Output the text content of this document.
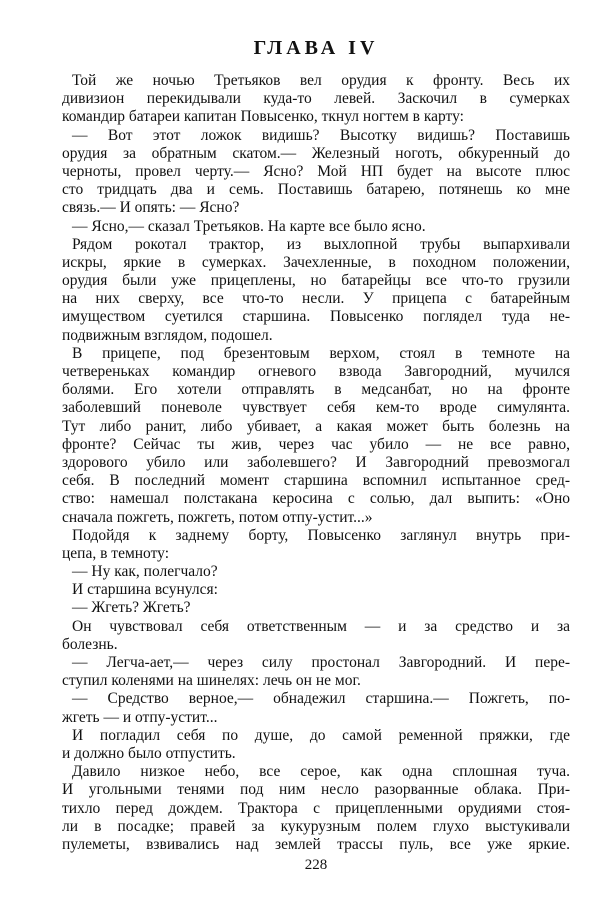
ГЛАВА IV
Той же ночью Третьяков вел орудия к фронту. Весь их
дивизион перекидывали куда-то левей. Заскочил в сумерках
командир батареи капитан Повысенко, ткнул ногтем в карту:
— Вот этот ложок видишь? Высотку видишь? Поставишь
орудия за обратным скатом.— Железный ноготь, обкуренный до
черноты, провел черту.— Ясно? Мой НП будет на высоте плюс
сто тридцать два и семь. Поставишь батарею, потянешь ко мне
связь.— И опять: — Ясно?
— Ясно,— сказал Третьяков. На карте все было ясно.
Рядом рокотал трактор, из выхлопной трубы выпархивали
искры, яркие в сумерках. Зачехленные, в походном положении,
орудия были уже прицеплены, но батарейцы все что-то грузили
на них сверху, все что-то несли. У прицепа с батарейным
имуществом суетился старшина. Повысенко поглядел туда не-
подвижным взглядом, подошел.
В прицепе, под брезентовым верхом, стоял в темноте на
четвереньках командир огневого взвода Завгородний, мучился
болями. Его хотели отправлять в медсанбат, но на фронте
заболевший поневоле чувствует себя кем-то вроде симулянта.
Тут либо ранит, либо убивает, а какая может быть болезнь на
фронте? Сейчас ты жив, через час убило — не все равно,
здорового убило или заболевшего? И Завгородний превозмогал
себя. В последний момент старшина вспомнил испытанное сред-
ство: намешал полстакана керосина с солью, дал выпить: «Оно
сначала пожгеть, пожгеть, потом отпу-устит...»
Подойдя к заднему борту, Повысенко заглянул внутрь при-
цепа, в темноту:
— Ну как, полегчало?
И старшина всунулся:
— Жгеть? Жгеть?
Он чувствовал себя ответственным — и за средство и за
болезнь.
— Легча-ает,— через силу простонал Завгородний. И пере-
ступил коленями на шинелях: лечь он не мог.
— Средство верное,— обнадежил старшина.— Пожгеть, по-
жгеть — и отпу-устит...
И погладил себя по душе, до самой ременной пряжки, где
и должно было отпустить.
Давило низкое небо, все серое, как одна сплошная туча.
И угольными тенями под ним несло разорванные облака. При-
тихло перед дождем. Трактора с прицепленными орудиями стоя-
ли в посадке; правей за кукурузным полем глухо выстукивали
пулеметы, взвивались над землей трассы пуль, все уже яркие.
228
